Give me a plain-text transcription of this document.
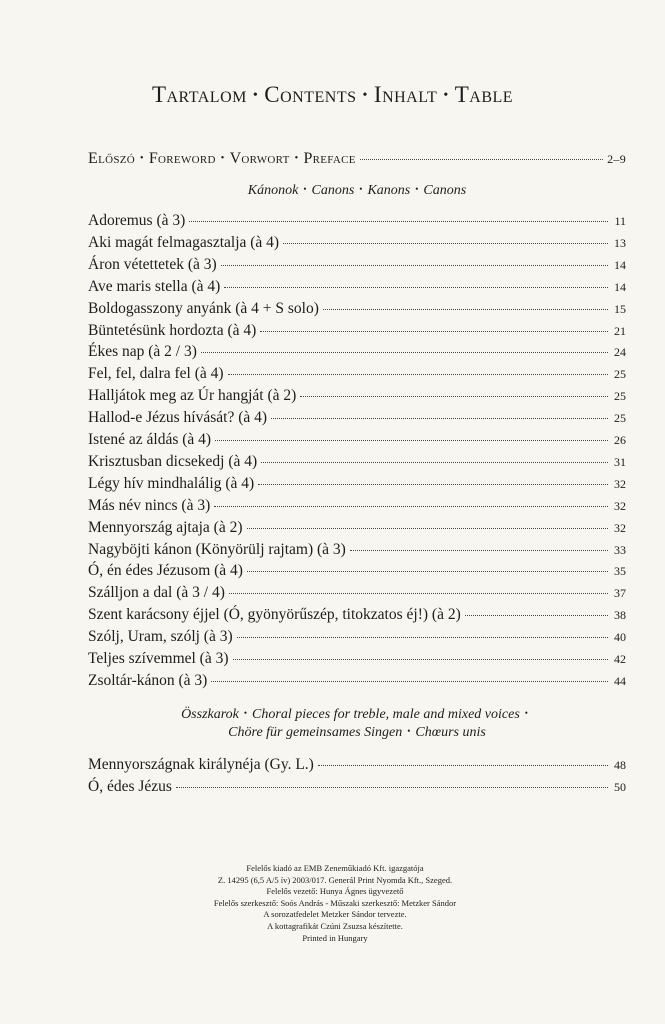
Tartalom • Contents • Inhalt • Table
Előszó • Foreword • Vorwort • Preface	2–9
Kánonok • Canons • Kanons • Canons
Adoremus (à 3)	11
Aki magát felmagasztalja (à 4)	13
Áron vétettetek (à 3)	14
Ave maris stella (à 4)	14
Boldogasszony anyánk (à 4 + S solo)	15
Büntetésünk hordozta (à 4)	21
Ékes nap (à 2 / 3)	24
Fel, fel, dalra fel (à 4)	25
Halljátok meg az Úr hangját (à 2)	25
Hallod-e Jézus hívását? (à 4)	25
Istené az áldás (à 4)	26
Krisztusban dicsekedj (à 4)	31
Légy hív mindhalálig (à 4)	32
Más név nincs (à 3)	32
Mennyország ajtaja (à 2)	32
Nagyböjti kánon (Könyörülj rajtam) (à 3)	33
Ó, én édes Jézusom (à 4)	35
Szálljon a dal (à 3 / 4)	37
Szent karácsony éjjel (Ó, gyönyörűszép, titokzatos éj!) (à 2)	38
Szólj, Uram, szólj (à 3)	40
Teljes szívemmel (à 3)	42
Zsoltár-kánon (à 3)	44
Összkarok • Choral pieces for treble, male and mixed voices •
Chöre für gemeinsames Singen • Chœurs unis
Mennyországnak királynéja (Gy. L.)	48
Ó, édes Jézus	50
Felelős kiadó az EMB Zeneműkiadó Kft. igazgatója
Z. 14295 (6,5 A/5 ív) 2003/017. Generál Print Nyomda Kft., Szeged.
Felelős vezető: Hunya Ágnes ügyvezető
Felelős szerkesztő: Soós András - Műszaki szerkesztő: Metzker Sándor
A sorozatfedelet Metzker Sándor tervezte.
A kottagrafikát Czúni Zsuzsa készítette.
Printed in Hungary
